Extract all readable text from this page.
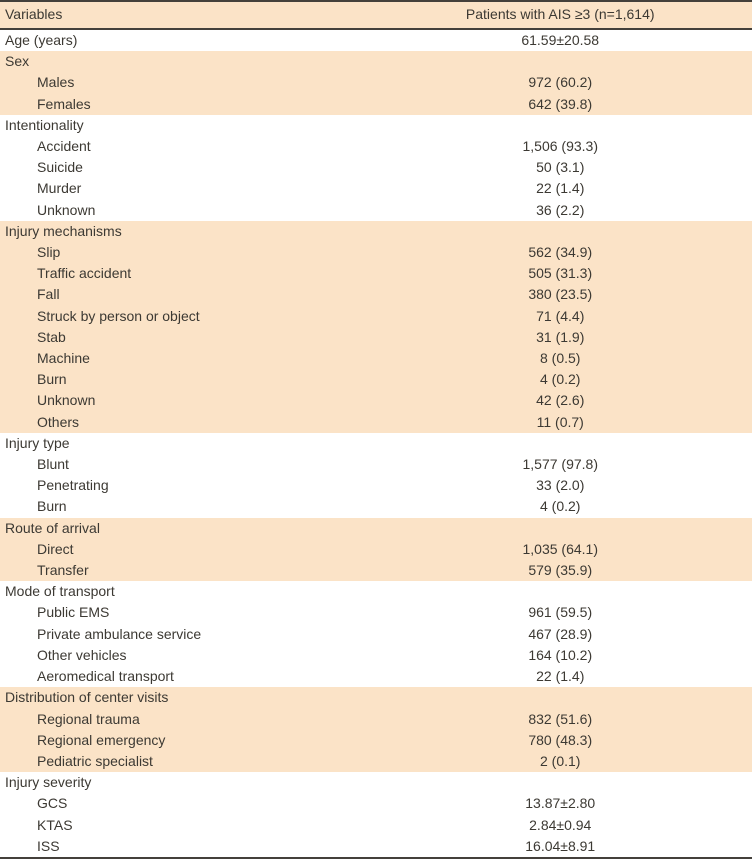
Variables	Patients with AIS ≥3 (n=1,614)
Age (years)	61.59±20.58
Sex	
Males	972 (60.2)
Females	642 (39.8)
Intentionality	
Accident	1,506 (93.3)
Suicide	50 (3.1)
Murder	22 (1.4)
Unknown	36 (2.2)
Injury mechanisms	
Slip	562 (34.9)
Traffic accident	505 (31.3)
Fall	380 (23.5)
Struck by person or object	71 (4.4)
Stab	31 (1.9)
Machine	8 (0.5)
Burn	4 (0.2)
Unknown	42 (2.6)
Others	11 (0.7)
Injury type	
Blunt	1,577 (97.8)
Penetrating	33 (2.0)
Burn	4 (0.2)
Route of arrival	
Direct	1,035 (64.1)
Transfer	579 (35.9)
Mode of transport	
Public EMS	961 (59.5)
Private ambulance service	467 (28.9)
Other vehicles	164 (10.2)
Aeromedical transport	22 (1.4)
Distribution of center visits	
Regional trauma	832 (51.6)
Regional emergency	780 (48.3)
Pediatric specialist	2 (0.1)
Injury severity	
GCS	13.87±2.80
KTAS	2.84±0.94
ISS	16.04±8.91
